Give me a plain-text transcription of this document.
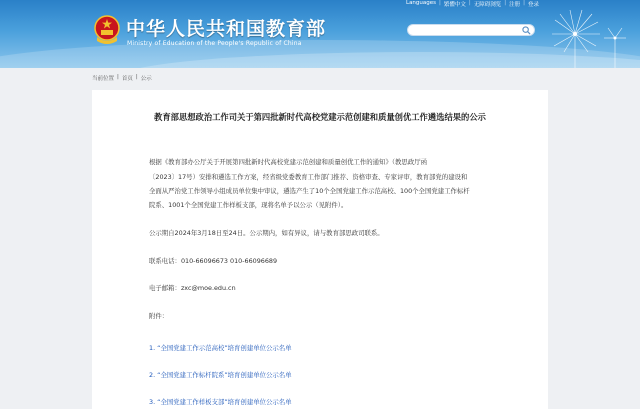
中华人民共和国教育部
Ministry of Education of the People's Republic of China
Languages | 繁體中文 | 无障碍浏览 | 注册 | 登录
当前位置 | 首页 | 公示
教育部思想政治工作司关于第四批新时代高校党建示范创建和质量创优工作遴选结果的公示
根据《教育部办公厅关于开展第四批新时代高校党建示范创建和质量创优工作的通知》（教思政厅函
〔2023〕17号）安排和遴选工作方案，经省级党委教育工作部门推荐、资格审查、专家评审，教育部党的建设和
全面从严治党工作领导小组成员单位集中审议，遴选产生了10个全国党建工作示范高校、100个全国党建工作标杆
院系、1001个全国党建工作样板支部，现将名单予以公示（见附件）。
公示期自2024年3月18日至24日。公示期内，如有异议，请与教育部思政司联系。
联系电话：010-66096673 010-66096689
电子邮箱：zxc@moe.edu.cn
附件：
1. “全国党建工作示范高校”培育创建单位公示名单
2. “全国党建工作标杆院系”培育创建单位公示名单
3. “全国党建工作样板支部”培育创建单位公示名单
